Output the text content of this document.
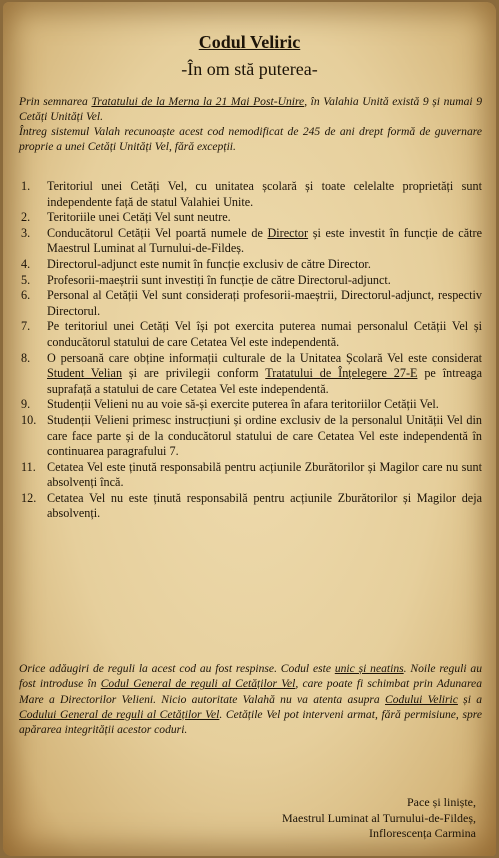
Codul Veliric
-În om stă puterea-

Prin semnarea Tratatului de la Merna la 21 Mai Post-Unire, în Valahia Unită există 9 și numai 9 Cetăți Unități Vel.

Întreg sistemul Valah recunoaște acest cod nemodificat de 245 de ani drept formă de guvernare proprie a unei Cetăți Unități Vel, fără excepții.

1. Teritoriul unei Cetăți Vel, cu unitatea școlară și toate celelalte proprietăți sunt independente față de statul Valahiei Unite.
2. Teritoriile unei Cetăți Vel sunt neutre.
3. Conducătorul Cetății Vel poartă numele de Director și este investit în funcție de către Maestrul Luminat al Turnului-de-Fildeș.
4. Directorul-adjunct este numit în funcție exclusiv de către Director.
5. Profesorii-maeștrii sunt investiți în funcție de către Directorul-adjunct.
6. Personal al Cetății Vel sunt considerați profesorii-maeștrii, Directorul-adjunct, respectiv Directorul.
7. Pe teritoriul unei Cetăți Vel își pot exercita puterea numai personalul Cetății Vel și conducătorul statului de care Cetatea Vel este independentă.
8. O persoană care obține informații culturale de la Unitatea Școlară Vel este considerat Student Velian și are privilegii conform Tratatului de Înțelegere 27-E pe întreaga suprafață a statului de care Cetatea Vel este independentă.
9. Studenții Velieni nu au voie să-și exercite puterea în afara teritoriilor Cetății Vel.
10. Studenții Velieni primesc instrucțiuni și ordine exclusiv de la personalul Unității Vel din care face parte și de la conducătorul statului de care Cetatea Vel este independentă în continuarea paragrafului 7.
11. Cetatea Vel este ținută responsabilă pentru acțiunile Zburătorilor și Magilor care nu sunt absolvenți încă.
12. Cetatea Vel nu este ținută responsabilă pentru acțiunile Zburătorilor și Magilor deja absolvenți.

Orice adăugiri de reguli la acest cod au fost respinse. Codul este unic și neatins. Noile reguli au fost introduse în Codul General de reguli al Cetăților Vel, care poate fi schimbat prin Adunarea Mare a Directorilor Velieni. Nicio autoritate Valahă nu va atenta asupra Codului Veliric și a Codului General de reguli al Cetăților Vel. Cetățile Vel pot interveni armat, fără permisiune, spre apărarea integrității acestor coduri.

Pace și liniște,
Maestrul Luminat al Turnului-de-Fildeș,
Inflorescența Carmina
